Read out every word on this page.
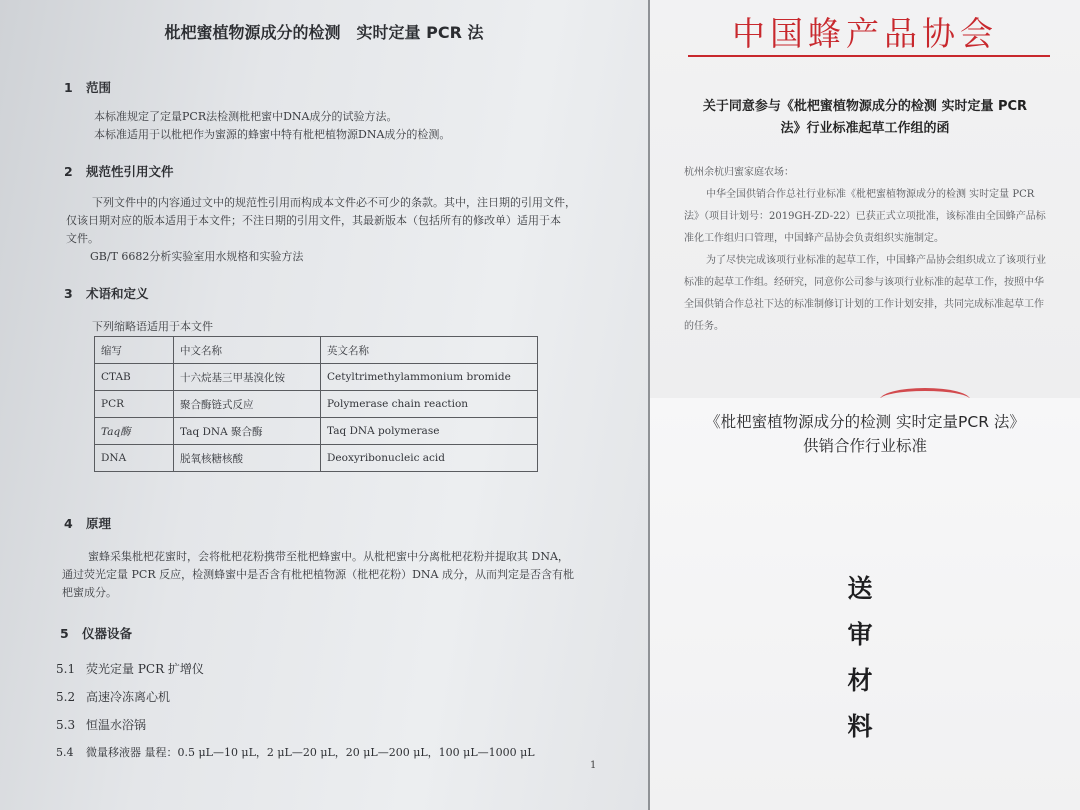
枇杷蜜植物源成分的检测　实时定量 PCR 法
1 范围
本标准规定了定量PCR法检测枇杷蜜中DNA成分的试验方法。
本标准适用于以枇杷作为蜜源的蜂蜜中特有枇杷植物源DNA成分的检测。
2 规范性引用文件
下列文件中的内容通过文中的规范性引用而构成本文件必不可少的条款。其中，注日期的引用文件，
仅该日期对应的版本适用于本文件；不注日期的引用文件，其最新版本（包括所有的修改单）适用于本
文件。
GB/T 6682分析实验室用水规格和实验方法
3 术语和定义
下列缩略语适用于本文件
缩写	中文名称	英文名称
CTAB	十六烷基三甲基溴化铵	Cetyltrimethylammonium bromide
PCR	聚合酶链式反应	Polymerase chain reaction
Taq酶	Taq DNA 聚合酶	Taq DNA polymerase
DNA	脱氧核糖核酸	Deoxyribonucleic acid
4 原理
蜜蜂采集枇杷花蜜时，会将枇杷花粉携带至枇杷蜂蜜中。从枇杷蜜中分离枇杷花粉并提取其 DNA，
通过荧光定量 PCR 反应，检测蜂蜜中是否含有枇杷植物源（枇杷花粉）DNA 成分，从而判定是否含有枇
杷蜜成分。
5 仪器设备
5.1 荧光定量 PCR 扩增仪
5.2 高速冷冻离心机
5.3 恒温水浴锅
5.4 微量移液器 量程：0.5 μL—10 μL，2 μL—20 μL，20 μL—200 μL，100 μL—1000 μL
1
中国蜂产品协会
关于同意参与《枇杷蜜植物源成分的检测 实时定量 PCR
法》行业标准起草工作组的函
杭州余杭归蜜家庭农场：
中华全国供销合作总社行业标准《枇杷蜜植物源成分的检测 实时定量 PCR 法》（项目计划号：2019GH-ZD-22）已获正式立项批准，该标准由全国蜂产品标准化工作组归口管理，中国蜂产品协会负责组织实施制定。
为了尽快完成该项行业标准的起草工作，中国蜂产品协会组织成立了该项行业标准的起草工作组。经研究，同意你公司参与该项行业标准的起草工作，按照中华全国供销合作总社下达的标准制修订计划的工作计划安排，共同完成标准起草工作的任务。
《枇杷蜜植物源成分的检测 实时定量PCR 法》
供销合作行业标准
送
审
材
料
